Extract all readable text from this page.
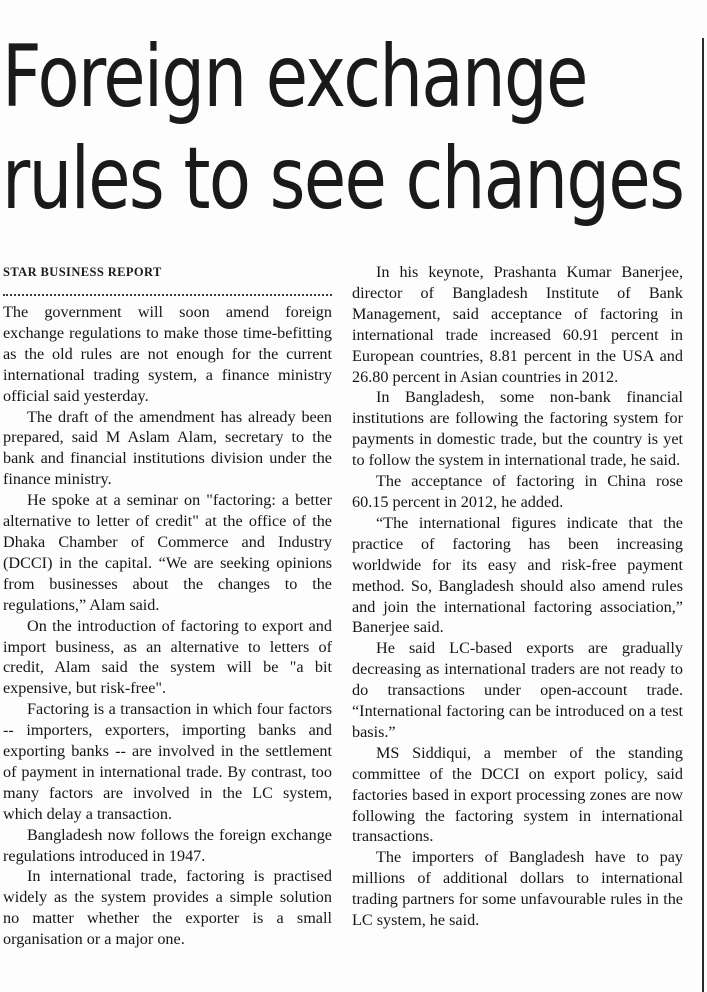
Foreign exchange
rules to see changes
STAR BUSINESS REPORT

The government will soon amend foreign exchange regulations to make those time-befitting as the old rules are not enough for the current international trading system, a finance ministry official said yesterday.

The draft of the amendment has already been prepared, said M Aslam Alam, secretary to the bank and financial institutions division under the finance ministry.

He spoke at a seminar on "factoring: a better alternative to letter of credit" at the office of the Dhaka Chamber of Commerce and Industry (DCCI) in the capital. “We are seeking opinions from businesses about the changes to the regulations,” Alam said.

On the introduction of factoring to export and import business, as an alternative to letters of credit, Alam said the system will be "a bit expensive, but risk-free".

Factoring is a transaction in which four factors -- importers, exporters, importing banks and exporting banks -- are involved in the settlement of payment in international trade. By contrast, too many factors are involved in the LC system, which delay a transaction.

Bangladesh now follows the foreign exchange regulations introduced in 1947.

In international trade, factoring is practised widely as the system provides a simple solution no matter whether the exporter is a small organisation or a major one.

In his keynote, Prashanta Kumar Banerjee, director of Bangladesh Institute of Bank Management, said acceptance of factoring in international trade increased 60.91 percent in European countries, 8.81 percent in the USA and 26.80 percent in Asian countries in 2012.

In Bangladesh, some non-bank financial institutions are following the factoring system for payments in domestic trade, but the country is yet to follow the system in international trade, he said.

The acceptance of factoring in China rose 60.15 percent in 2012, he added.

“The international figures indicate that the practice of factoring has been increasing worldwide for its easy and risk-free payment method. So, Bangladesh should also amend rules and join the international factoring association,” Banerjee said.

He said LC-based exports are gradually decreasing as international traders are not ready to do transactions under open-account trade. “International factoring can be introduced on a test basis.”

MS Siddiqui, a member of the standing committee of the DCCI on export policy, said factories based in export processing zones are now following the factoring system in international transactions.

The importers of Bangladesh have to pay millions of additional dollars to international trading partners for some unfavourable rules in the LC system, he said.
